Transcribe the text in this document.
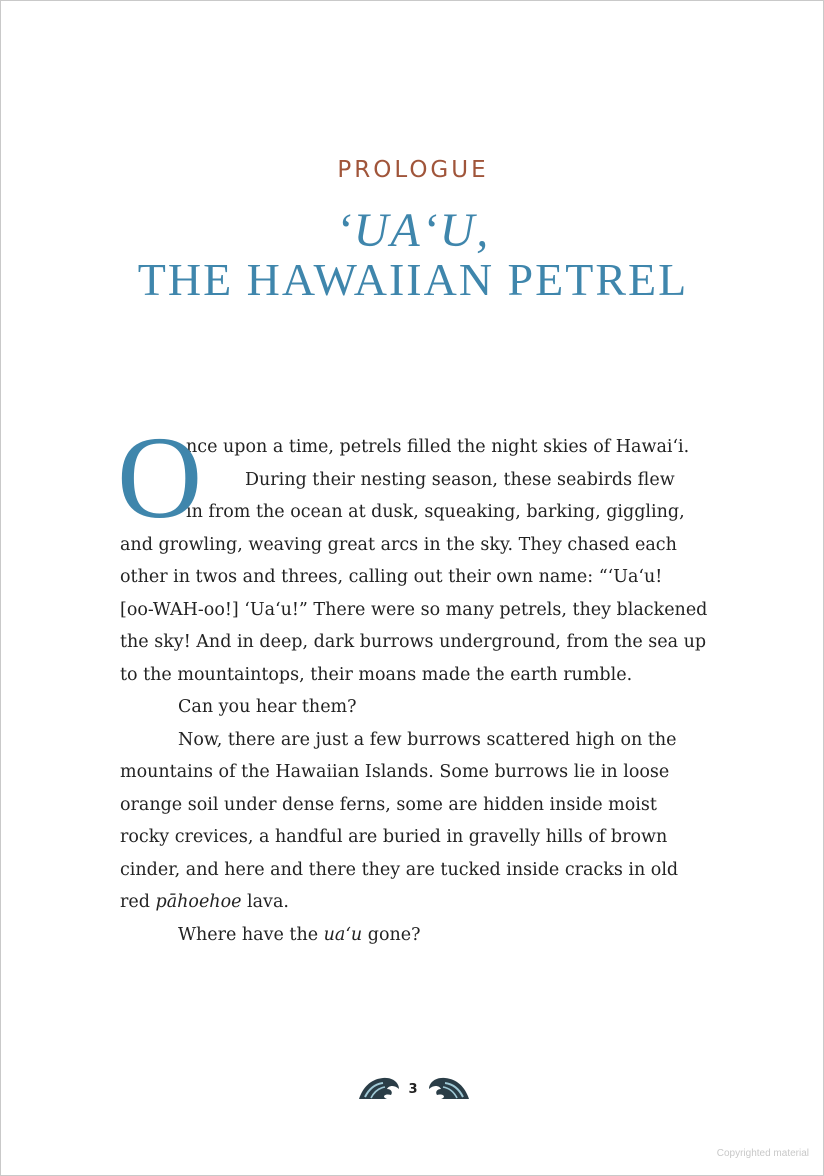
PROLOGUE
‘UA‘U,
THE HAWAIIAN PETREL
O
nce upon a time, petrels filled the night skies of Hawai‘i.
During their nesting season, these seabirds flew
in from the ocean at dusk, squeaking, barking, giggling,
and growling, weaving great arcs in the sky. They chased each
other in twos and threes, calling out their own name: “‘Ua‘u!
[oo-WAH-oo!] ‘Ua‘u!” There were so many petrels, they blackened
the sky! And in deep, dark burrows underground, from the sea up
to the mountaintops, their moans made the earth rumble.
Can you hear them?
Now, there are just a few burrows scattered high on the
mountains of the Hawaiian Islands. Some burrows lie in loose
orange soil under dense ferns, some are hidden inside moist
rocky crevices, a handful are buried in gravelly hills of brown
cinder, and here and there they are tucked inside cracks in old
red pāhoehoe lava.
Where have the ua‘u gone?
3
Copyrighted material
